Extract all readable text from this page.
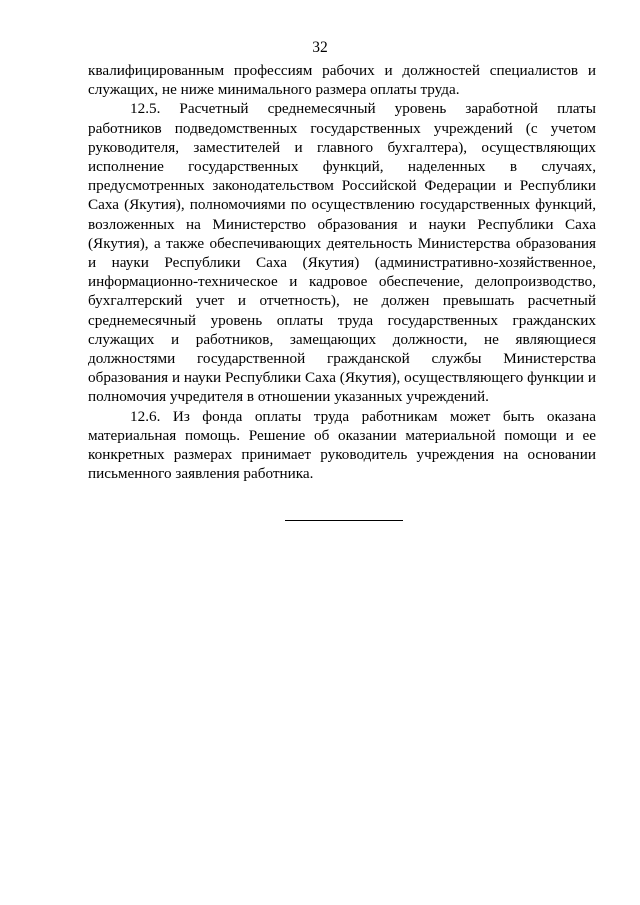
32

квалифицированным профессиям рабочих и должностей специалистов и служащих, не ниже минимального размера оплаты труда.

12.5. Расчетный среднемесячный уровень заработной платы работников подведомственных государственных учреждений (с учетом руководителя, заместителей и главного бухгалтера), осуществляющих исполнение государственных функций, наделенных в случаях, предусмотренных законодательством Российской Федерации и Республики Саха (Якутия), полномочиями по осуществлению государственных функций, возложенных на Министерство образования и науки Республики Саха (Якутия), а также обеспечивающих деятельность Министерства образования и науки Республики Саха (Якутия) (административно-хозяйственное, информационно-техническое и кадровое обеспечение, делопроизводство, бухгалтерский учет и отчетность), не должен превышать расчетный среднемесячный уровень оплаты труда государственных гражданских служащих и работников, замещающих должности, не являющиеся должностями государственной гражданской службы Министерства образования и науки Республики Саха (Якутия), осуществляющего функции и полномочия учредителя в отношении указанных учреждений.

12.6. Из фонда оплаты труда работникам может быть оказана материальная помощь. Решение об оказании материальной помощи и ее конкретных размерах принимает руководитель учреждения на основании письменного заявления работника.
